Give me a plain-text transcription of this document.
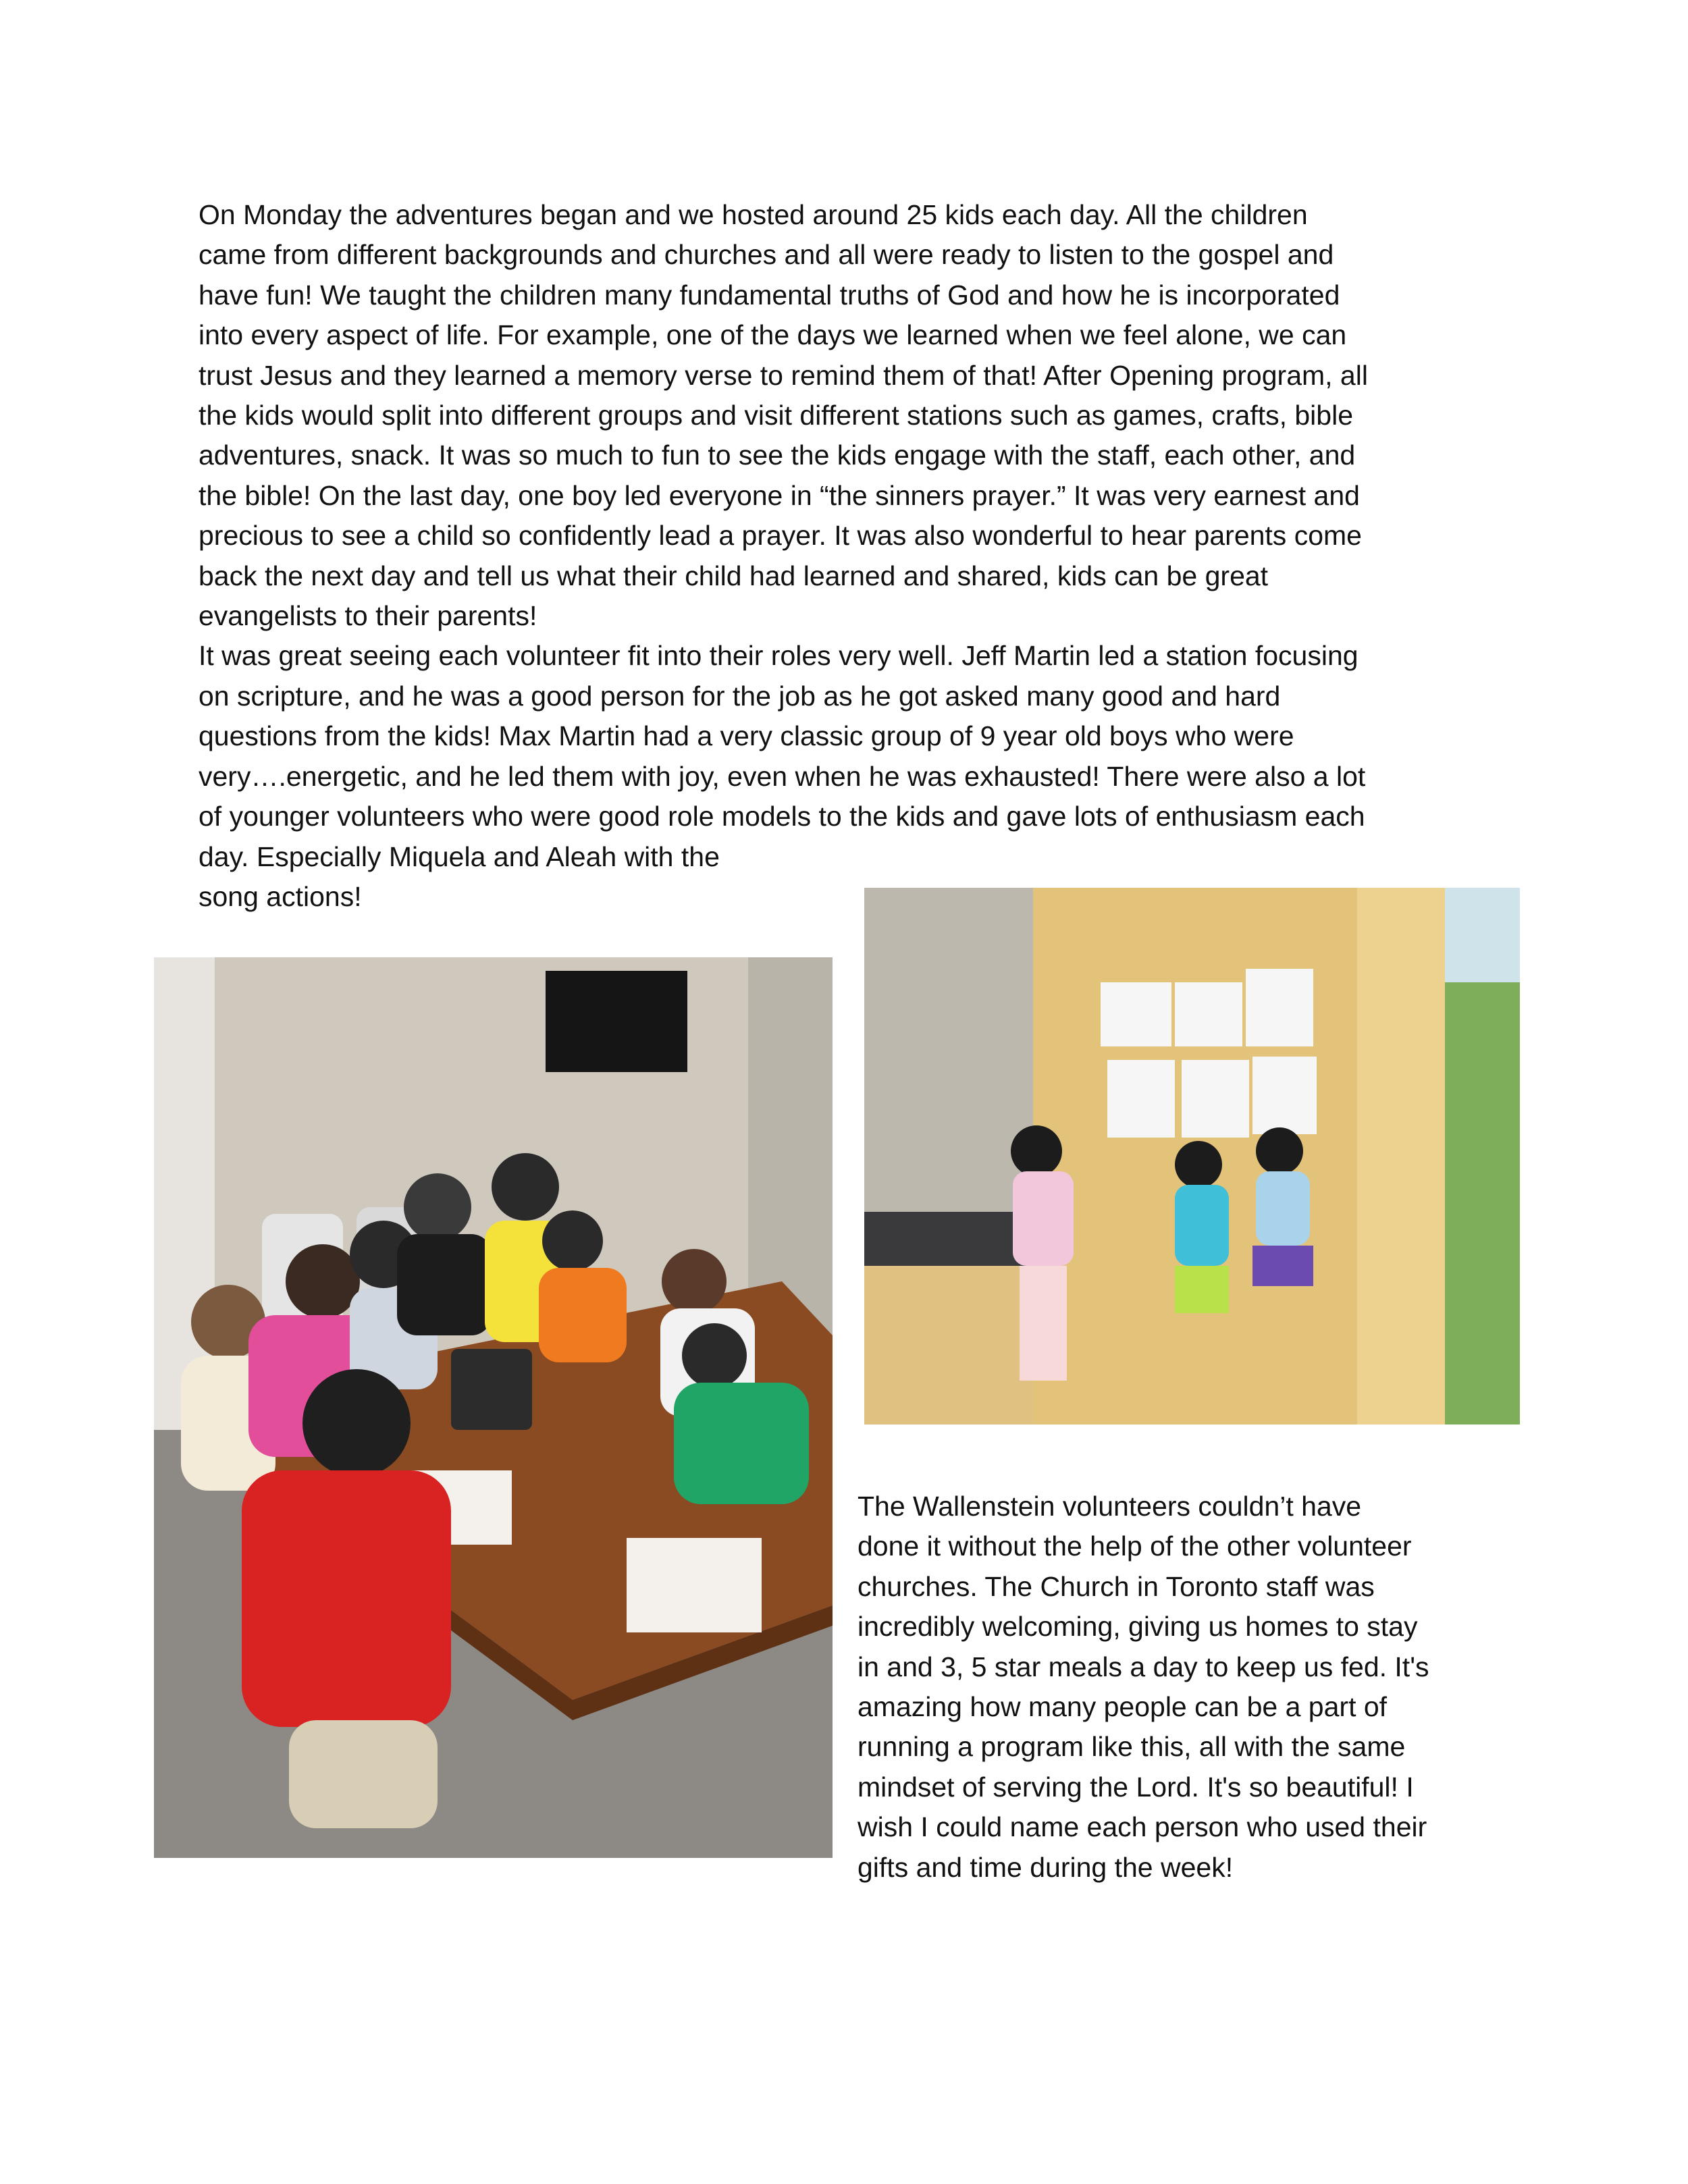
On Monday the adventures began and we hosted around 25 kids each day. All the children
came from different backgrounds and churches and all were ready to listen to the gospel and
have fun! We taught the children many fundamental truths of God and how he is incorporated
into every aspect of life. For example, one of the days we learned when we feel alone, we can
trust Jesus and they learned a memory verse to remind them of that! After Opening program, all
the kids would split into different groups and visit different stations such as games, crafts, bible
adventures, snack. It was so much to fun to see the kids engage with the staff, each other, and
the bible! On the last day, one boy led everyone in “the sinners prayer.” It was very earnest and
precious to see a child so confidently lead a prayer. It was also wonderful to hear parents come
back the next day and tell us what their child had learned and shared, kids can be great
evangelists to their parents!
It was great seeing each volunteer fit into their roles very well. Jeff Martin led a station focusing
on scripture, and he was a good person for the job as he got asked many good and hard
questions from the kids! Max Martin had a very classic group of 9 year old boys who were
very….energetic, and he led them with joy, even when he was exhausted! There were also a lot
of younger volunteers who were good role models to the kids and gave lots of enthusiasm each
day. Especially Miquela and Aleah with the
song actions!
The Wallenstein volunteers couldn’t have
done it without the help of the other volunteer
churches. The Church in Toronto staff was
incredibly welcoming, giving us homes to stay
in and 3, 5 star meals a day to keep us fed. It's
amazing how many people can be a part of
running a program like this, all with the same
mindset of serving the Lord. It's so beautiful! I
wish I could name each person who used their
gifts and time during the week!
